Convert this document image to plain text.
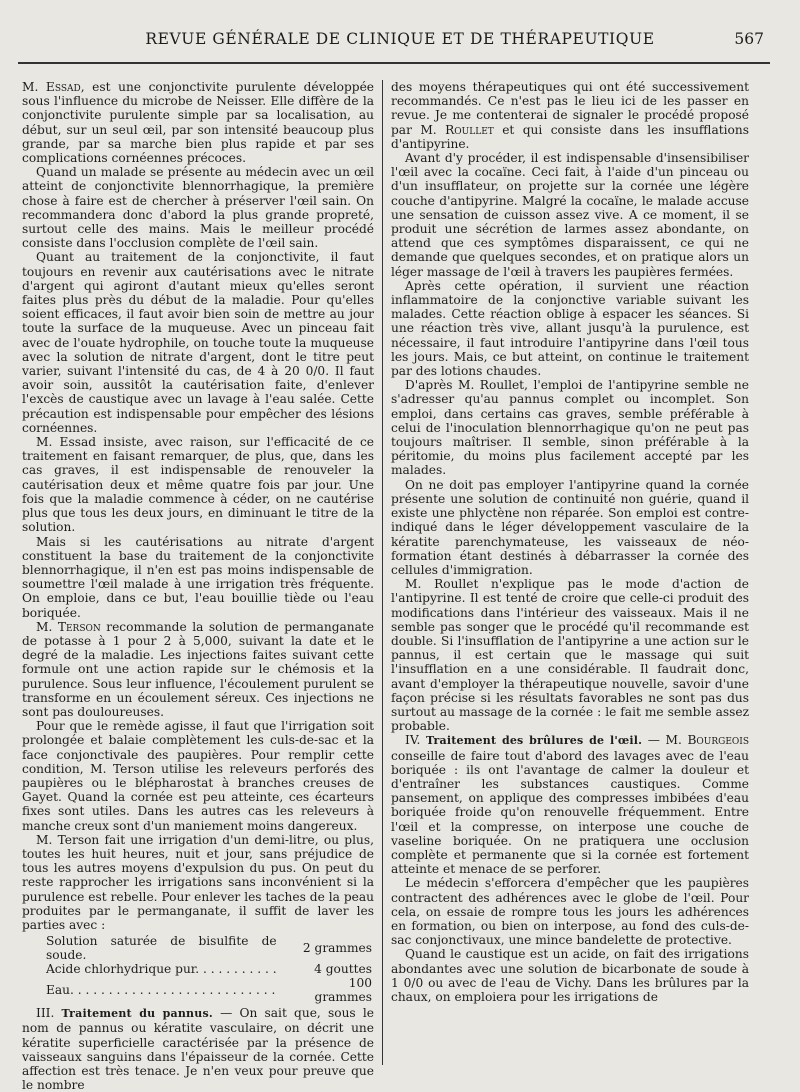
REVUE GÉNÉRALE DE CLINIQUE ET DE THÉRAPEUTIQUE	567

M. Essad, est une conjonctivite purulente développée sous l'influence du microbe de Neisser. Elle diffère de la conjonctivite purulente simple par sa localisation, au début, sur un seul œil, par son intensité beaucoup plus grande, par sa marche bien plus rapide et par ses complications cornéennes précoces.

Quand un malade se présente au médecin avec un œil atteint de conjonctivite blennorrhagique, la première chose à faire est de chercher à préserver l'œil sain. On recommandera donc d'abord la plus grande propreté, surtout celle des mains. Mais le meilleur procédé consiste dans l'occlusion complète de l'œil sain.

Quant au traitement de la conjonctivite, il faut toujours en revenir aux cautérisations avec le nitrate d'argent qui agiront d'autant mieux qu'elles seront faites plus près du début de la maladie. Pour qu'elles soient efficaces, il faut avoir bien soin de mettre au jour toute la surface de la muqueuse. Avec un pinceau fait avec de l'ouate hydrophile, on touche toute la muqueuse avec la solution de nitrate d'argent, dont le titre peut varier, suivant l'intensité du cas, de 4 à 20 0/0. Il faut avoir soin, aussitôt la cautérisation faite, d'enlever l'excès de caustique avec un lavage à l'eau salée. Cette précaution est indispensable pour empêcher des lésions cornéennes.

M. Essad insiste, avec raison, sur l'efficacité de ce traitement en faisant remarquer, de plus, que, dans les cas graves, il est indispensable de renouveler la cautérisation deux et même quatre fois par jour. Une fois que la maladie commence à céder, on ne cautérise plus que tous les deux jours, en diminuant le titre de la solution.

Mais si les cautérisations au nitrate d'argent constituent la base du traitement de la conjonctivite blennorrhagique, il n'en est pas moins indispensable de soumettre l'œil malade à une irrigation très fréquente. On emploie, dans ce but, l'eau bouillie tiède ou l'eau boriquée.

M. Terson recommande la solution de permanganate de potasse à 1 pour 2 à 5,000, suivant la date et le degré de la maladie. Les injections faites suivant cette formule ont une action rapide sur le chémosis et la purulence. Sous leur influence, l'écoulement purulent se transforme en un écoulement séreux. Ces injections ne sont pas douloureuses.

Pour que le remède agisse, il faut que l'irrigation soit prolongée et balaie complètement les culs-de-sac et la face conjonctivale des paupières. Pour remplir cette condition, M. Terson utilise les releveurs perforés des paupières ou le blépharostat à branches creuses de Gayet. Quand la cornée est peu atteinte, ces écarteurs fixes sont utiles. Dans les autres cas les releveurs à manche creux sont d'un maniement moins dangereux.

M. Terson fait une irrigation d'un demi-litre, ou plus, toutes les huit heures, nuit et jour, sans préjudice de tous les autres moyens d'expulsion du pus. On peut du reste rapprocher les irrigations sans inconvénient si la purulence est rebelle. Pour enlever les taches de la peau produites par le permanganate, il suffit de laver les parties avec :

Solution saturée de bisulfite de soude.	2 grammes
Acide chlorhydrique pur. . . . . . . . . . .	4 gouttes
Eau. . . . . . . . . . . . . . . . . . . . . . . . . . .	100 grammes

III. Traitement du pannus. — On sait que, sous le nom de pannus ou kératite vasculaire, on décrit une kératite superficielle caractérisée par la présence de vaisseaux sanguins dans l'épaisseur de la cornée. Cette affection est très tenace. Je n'en veux pour preuve que le nombre

des moyens thérapeutiques qui ont été successivement recommandés. Ce n'est pas le lieu ici de les passer en revue. Je me contenterai de signaler le procédé proposé par M. Roullet et qui consiste dans les insufflations d'antipyrine.

Avant d'y procéder, il est indispensable d'insensibiliser l'œil avec la cocaïne. Ceci fait, à l'aide d'un pinceau ou d'un insufflateur, on projette sur la cornée une légère couche d'antipyrine. Malgré la cocaïne, le malade accuse une sensation de cuisson assez vive. A ce moment, il se produit une sécrétion de larmes assez abondante, on attend que ces symptômes disparaissent, ce qui ne demande que quelques secondes, et on pratique alors un léger massage de l'œil à travers les paupières fermées.

Après cette opération, il survient une réaction inflammatoire de la conjonctive variable suivant les malades. Cette réaction oblige à espacer les séances. Si une réaction très vive, allant jusqu'à la purulence, est nécessaire, il faut introduire l'antipyrine dans l'œil tous les jours. Mais, ce but atteint, on continue le traitement par des lotions chaudes.

D'après M. Roullet, l'emploi de l'antipyrine semble ne s'adresser qu'au pannus complet ou incomplet. Son emploi, dans certains cas graves, semble préférable à celui de l'inoculation blennorrhagique qu'on ne peut pas toujours maîtriser. Il semble, sinon préférable à la péritomie, du moins plus facilement accepté par les malades.

On ne doit pas employer l'antipyrine quand la cornée présente une solution de continuité non guérie, quand il existe une phlyctène non réparée. Son emploi est contre-indiqué dans le léger développement vasculaire de la kératite parenchymateuse, les vaisseaux de néo-formation étant destinés à débarrasser la cornée des cellules d'immigration.

M. Roullet n'explique pas le mode d'action de l'antipyrine. Il est tenté de croire que celle-ci produit des modifications dans l'intérieur des vaisseaux. Mais il ne semble pas songer que le procédé qu'il recommande est double. Si l'insufflation de l'antipyrine a une action sur le pannus, il est certain que le massage qui suit l'insufflation en a une considérable. Il faudrait donc, avant d'employer la thérapeutique nouvelle, savoir d'une façon précise si les résultats favorables ne sont pas dus surtout au massage de la cornée : le fait me semble assez probable.

IV. Traitement des brûlures de l'œil. — M. Bourgeois conseille de faire tout d'abord des lavages avec de l'eau boriquée : ils ont l'avantage de calmer la douleur et d'entraîner les substances caustiques. Comme pansement, on applique des compresses imbibées d'eau boriquée froide qu'on renouvelle fréquemment. Entre l'œil et la compresse, on interpose une couche de vaseline boriquée. On ne pratiquera une occlusion complète et permanente que si la cornée est fortement atteinte et menace de se perforer.

Le médecin s'efforcera d'empêcher que les paupières contractent des adhérences avec le globe de l'œil. Pour cela, on essaie de rompre tous les jours les adhérences en formation, ou bien on interpose, au fond des culs-de-sac conjonctivaux, une mince bandelette de protective.

Quand le caustique est un acide, on fait des irrigations abondantes avec une solution de bicarbonate de soude à 1 0/0 ou avec de l'eau de Vichy. Dans les brûlures par la chaux, on emploiera pour les irrigations de
